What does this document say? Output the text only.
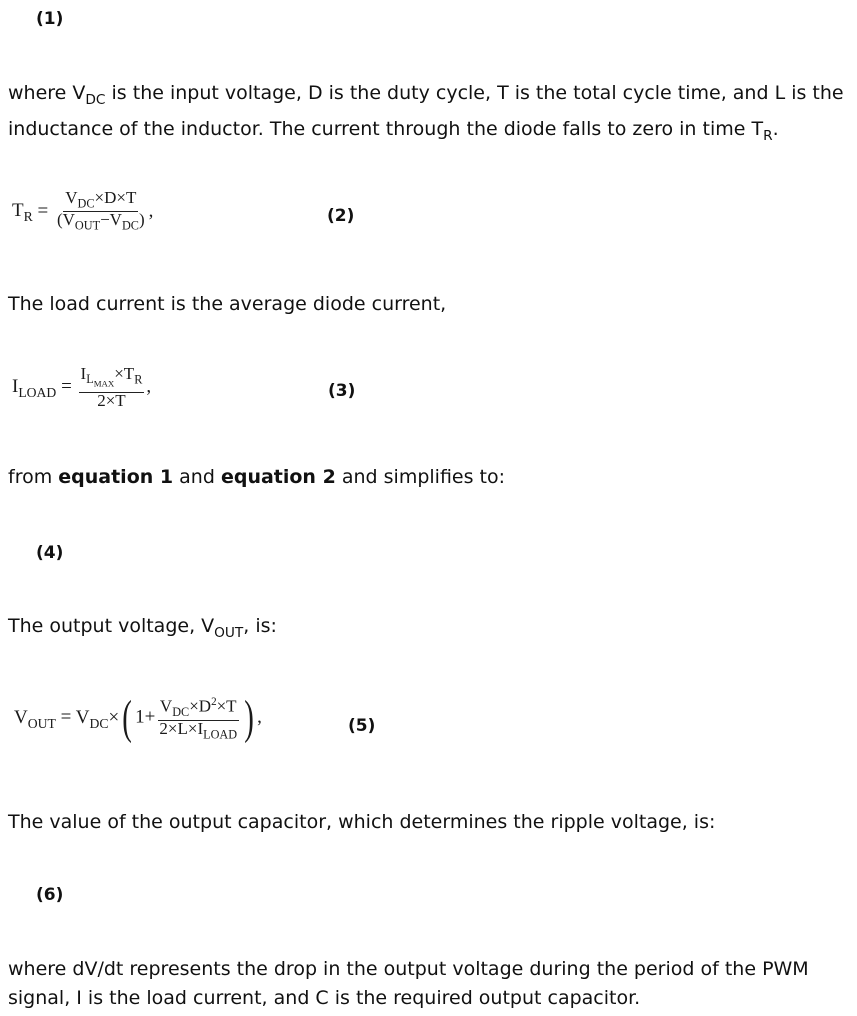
(1)
where $V_{DC}$ is the input voltage, D is the duty cycle, T is the total cycle time, and L is the
inductance of the inductor. The current through the diode falls to zero in time $T_R$.
$T_R = \frac{V_{DC}\times D\times T}{(V_{OUT}-V_{DC})}$ ,	(2)
The load current is the average diode current,
$I_{LOAD} = \frac{I_{L_{MAX}}\times T_R}{2\times T}$ ,	(3)
from equation 1 and equation 2 and simplifies to:
(4)
The output voltage, $V_{OUT}$, is:
$V_{OUT} = V_{DC}\times$( $1+ \frac{V_{DC}\times D^2\times T}{2\times L\times I_{LOAD}}$ ) ,	(5)
The value of the output capacitor, which determines the ripple voltage, is:
(6)
where dV/dt represents the drop in the output voltage during the period of the PWM
signal, I is the load current, and C is the required output capacitor.
